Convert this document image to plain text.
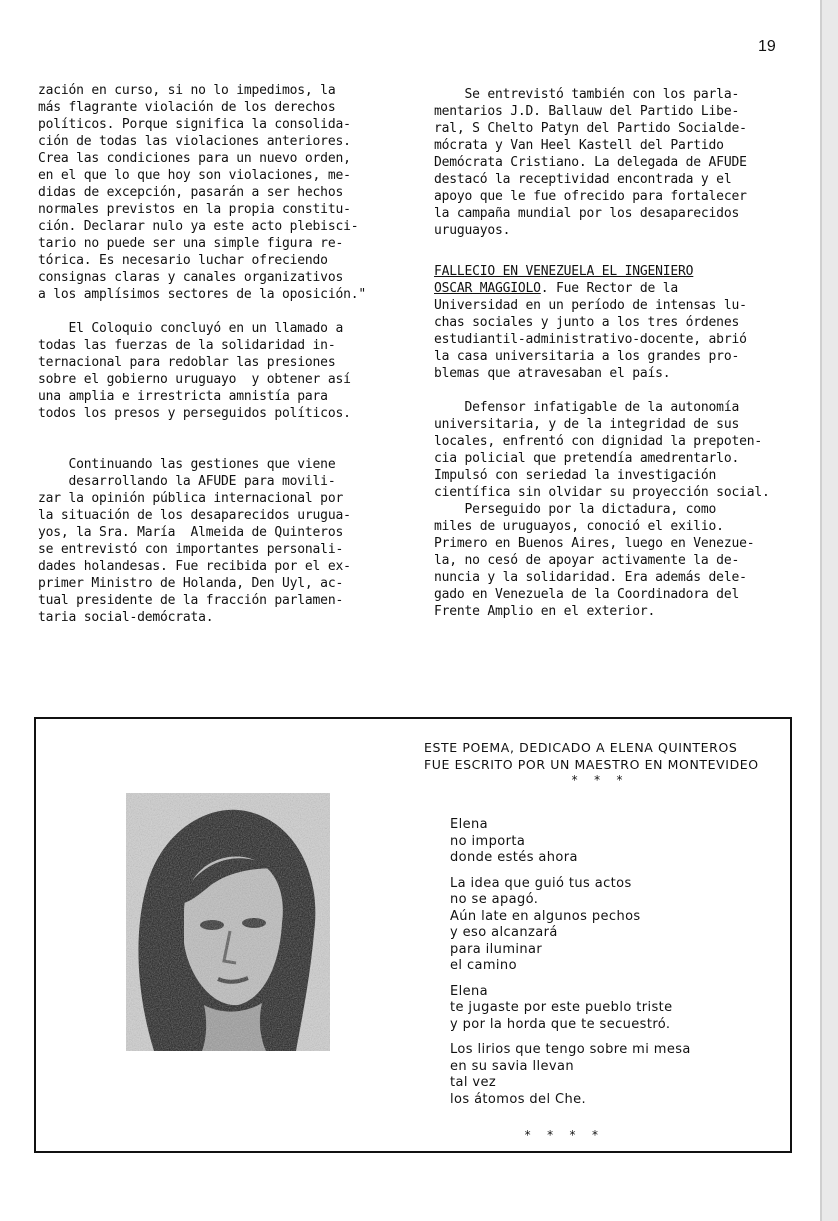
19

zación en curso, si no lo impedimos, la
más flagrante violación de los derechos
políticos. Porque significa la consolida-
ción de todas las violaciones anteriores.
Crea las condiciones para un nuevo orden,
en el que lo que hoy son violaciones, me-
didas de excepción, pasarán a ser hechos
normales previstos en la propia constitu-
ción. Declarar nulo ya este acto plebisci-
tario no puede ser una simple figura re-
tórica. Es necesario luchar ofreciendo
consignas claras y canales organizativos
a los amplísimos sectores de la oposición."

El Coloquio concluyó en un llamado a
todas las fuerzas de la solidaridad in-
ternacional para redoblar las presiones
sobre el gobierno uruguayo  y obtener así
una amplia e irrestricta amnistía para
todos los presos y perseguidos políticos.

Continuando las gestiones que viene
desarrollando la AFUDE para movili-
zar la opinión pública internacional por
la situación de los desaparecidos urugua-
yos, la Sra. María  Almeida de Quinteros
se entrevistó con importantes personali-
dades holandesas. Fue recibida por el ex-
primer Ministro de Holanda, Den Uyl, ac-
tual presidente de la fracción parlamen-
taria social-demócrata.

Se entrevistó también con los parla-
mentarios J.D. Ballauw del Partido Libe-
ral, S Chelto Patyn del Partido Socialde-
mócrata y Van Heel Kastell del Partido
Demócrata Cristiano. La delegada de AFUDE
destacó la receptividad encontrada y el
apoyo que le fue ofrecido para fortalecer
la campaña mundial por los desaparecidos
uruguayos.

FALLECIO EN VENEZUELA EL INGENIERO
OSCAR MAGGIOLO. Fue Rector de la

Universidad en un período de intensas lu-
chas sociales y junto a los tres órdenes
estudiantil-administrativo-docente, abrió
la casa universitaria a los grandes pro-
blemas que atravesaban el país.

Defensor infatigable de la autonomía
universitaria, y de la integridad de sus
locales, enfrentó con dignidad la prepoten-
cia policial que pretendía amedrentarlo.
Impulsó con seriedad la investigación
científica sin olvidar su proyección social.

Perseguido por la dictadura, como
miles de uruguayos, conoció el exilio.
Primero en Buenos Aires, luego en Venezue-
la, no cesó de apoyar activamente la de-
nuncia y la solidaridad. Era además dele-
gado en Venezuela de la Coordinadora del
Frente Amplio en el exterior.

ESTE POEMA, DEDICADO A ELENA QUINTEROS
FUE ESCRITO POR UN MAESTRO EN MONTEVIDEO
* * *
Elena
no importa
donde estés ahora
La idea que guió tus actos
no se apagó.
Aún late en algunos pechos
y eso alcanzará
para iluminar
el camino
Elena
te jugaste por este pueblo triste
y por la horda que te secuestró.
Los lirios que tengo sobre mi mesa
en su savia llevan
tal vez
los átomos del Che.
* * * *
